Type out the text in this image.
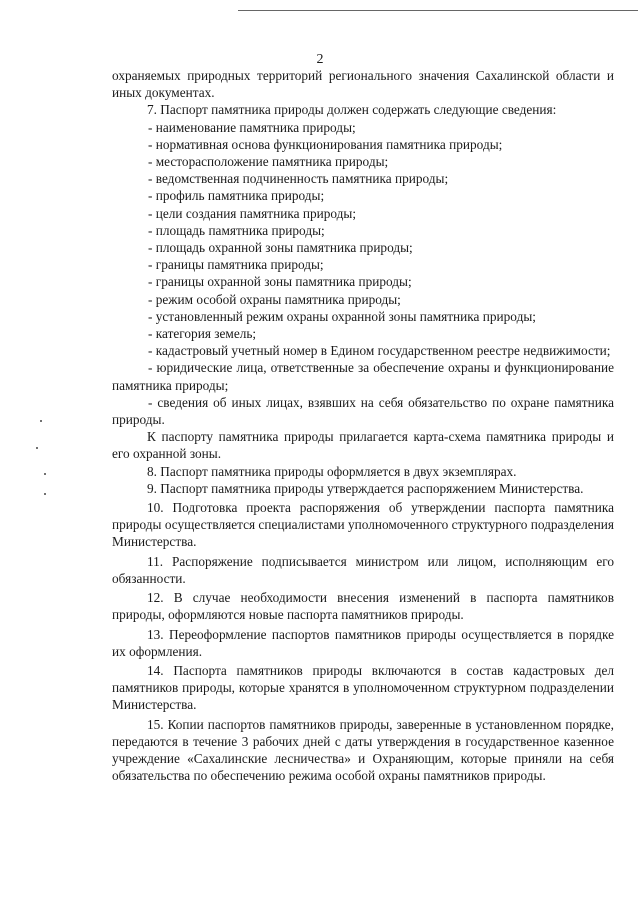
2

охраняемых природных территорий регионального значения Сахалинской области и иных документах.

7. Паспорт памятника природы должен содержать следующие сведения:

- наименование памятника природы;

- нормативная основа функционирования памятника природы;

- месторасположение памятника природы;

- ведомственная подчиненность памятника природы;

- профиль памятника природы;

- цели создания памятника природы;

- площадь памятника природы;

- площадь охранной зоны памятника природы;

- границы памятника природы;

- границы охранной зоны памятника природы;

- режим особой охраны памятника природы;

- установленный режим охраны охранной зоны памятника природы;

- категория земель;

- кадастровый учетный номер в Едином государственном реестре недвижимости;

- юридические лица, ответственные за обеспечение охраны и функционирование памятника природы;

- сведения об иных лицах, взявших на себя обязательство по охране памятника природы.

К паспорту памятника природы прилагается карта-схема памятника природы и его охранной зоны.

8. Паспорт памятника природы оформляется в двух экземплярах.

9. Паспорт памятника природы утверждается распоряжением Министерства.

10. Подготовка проекта распоряжения об утверждении паспорта памятника природы осуществляется специалистами уполномоченного структурного подразделения Министерства.

11. Распоряжение подписывается министром или лицом, исполняющим его обязанности.

12. В случае необходимости внесения изменений в паспорта памятников природы, оформляются новые паспорта памятников природы.

13. Переоформление паспортов памятников природы осуществляется в порядке их оформления.

14. Паспорта памятников природы включаются в состав кадастровых дел памятников природы, которые хранятся в уполномоченном структурном подразделении Министерства.

15. Копии паспортов памятников природы, заверенные в установленном порядке, передаются в течение 3 рабочих дней с даты утверждения в государственное казенное учреждение «Сахалинские лесничества» и Охраняющим, которые приняли на себя обязательства по обеспечению режима особой охраны памятников природы.
